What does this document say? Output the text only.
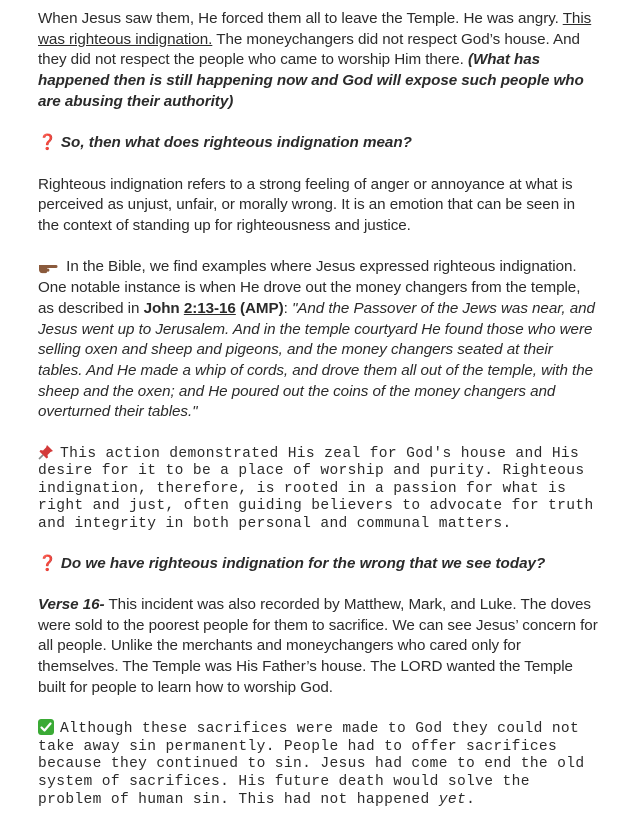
When Jesus saw them, He forced them all to leave the Temple. He was angry. This was righteous indignation. The moneychangers did not respect God’s house. And they did not respect the people who came to worship Him there. (What has happened then is still happening now and God will expose such people who are abusing their authority)

❓ So, then what does righteous indignation mean?

Righteous indignation refers to a strong feeling of anger or annoyance at what is perceived as unjust, unfair, or morally wrong. It is an emotion that can be seen in the context of standing up for righteousness and justice.

In the Bible, we find examples where Jesus expressed righteous indignation. One notable instance is when He drove out the money changers from the temple, as described in John 2:13-16 (AMP): "And the Passover of the Jews was near, and Jesus went up to Jerusalem. And in the temple courtyard He found those who were selling oxen and sheep and pigeons, and the money changers seated at their tables. And He made a whip of cords, and drove them all out of the temple, with the sheep and the oxen; and He poured out the coins of the money changers and overturned their tables."

This action demonstrated His zeal for God's house and His desire for it to be a place of worship and purity. Righteous indignation, therefore, is rooted in a passion for what is right and just, often guiding believers to advocate for truth and integrity in both personal and communal matters.

❓ Do we have righteous indignation for the wrong that we see today?

Verse 16- This incident was also recorded by Matthew, Mark, and Luke. The doves were sold to the poorest people for them to sacrifice. We can see Jesus’ concern for all people. Unlike the merchants and moneychangers who cared only for themselves. The Temple was His Father’s house. The LORD wanted the Temple built for people to learn how to worship God.

Although these sacrifices were made to God they could not take away sin permanently. People had to offer sacrifices because they continued to sin. Jesus had come to end the old system of sacrifices. His future death would solve the problem of human sin. This had not happened yet.
